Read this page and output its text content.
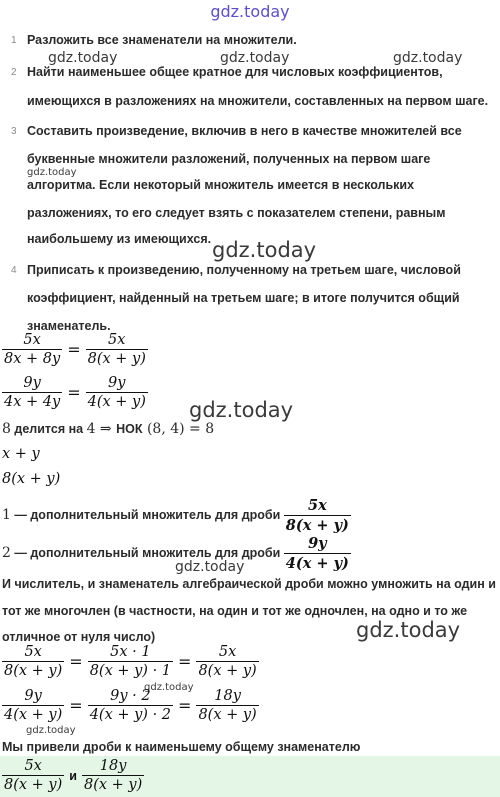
gdz.today
gdz.today	gdz.today	gdz.today
gdz.today
gdz.today
gdz.today
gdz.today
gdz.today
gdz.today
gdz.today
1 Разложить все знаменатели на множители.
2 Найти наименьшее общее кратное для числовых коэффициентов,
имеющихся в разложениях на множители, составленных на первом шаге.
3 Составить произведение, включив в него в качестве множителей все
буквенные множители разложений, полученных на первом шаге
алгоритма. Если некоторый множитель имеется в нескольких
разложениях, то его следует взять с показателем степени, равным
наибольшему из имеющихся.
4 Приписать к произведению, полученному на третьем шаге, числовой
коэффициент, найденный на третьем шаге; в итоге получится общий
знаменатель.
$\frac{5x}{8x + 8y} = \frac{5x}{8(x + y)}$
$\frac{9y}{4x + 4y} = \frac{9y}{4(x + y)}$
8 делится на 4 ⇒ НОК (8, 4) = 8
x + y
8(x + y)
1 — дополнительный множитель для дроби $\frac{5x}{8(x + y)}$
2 — дополнительный множитель для дроби $\frac{9y}{4(x + y)}$
И числитель, и знаменатель алгебраической дроби можно умножить на один и
тот же многочлен (в частности, на один и тот же одночлен, на одно и то же
отличное от нуля число)
$\frac{5x}{8(x + y)} = \frac{5x \cdot 1}{8(x + y) \cdot 1} = \frac{5x}{8(x + y)}$
$\frac{9y}{4(x + y)} = \frac{9y \cdot 2}{4(x + y) \cdot 2} = \frac{18y}{8(x + y)}$
Мы привели дроби к наименьшему общему знаменателю
$\frac{5x}{8(x + y)}$ и $\frac{18y}{8(x + y)}$
